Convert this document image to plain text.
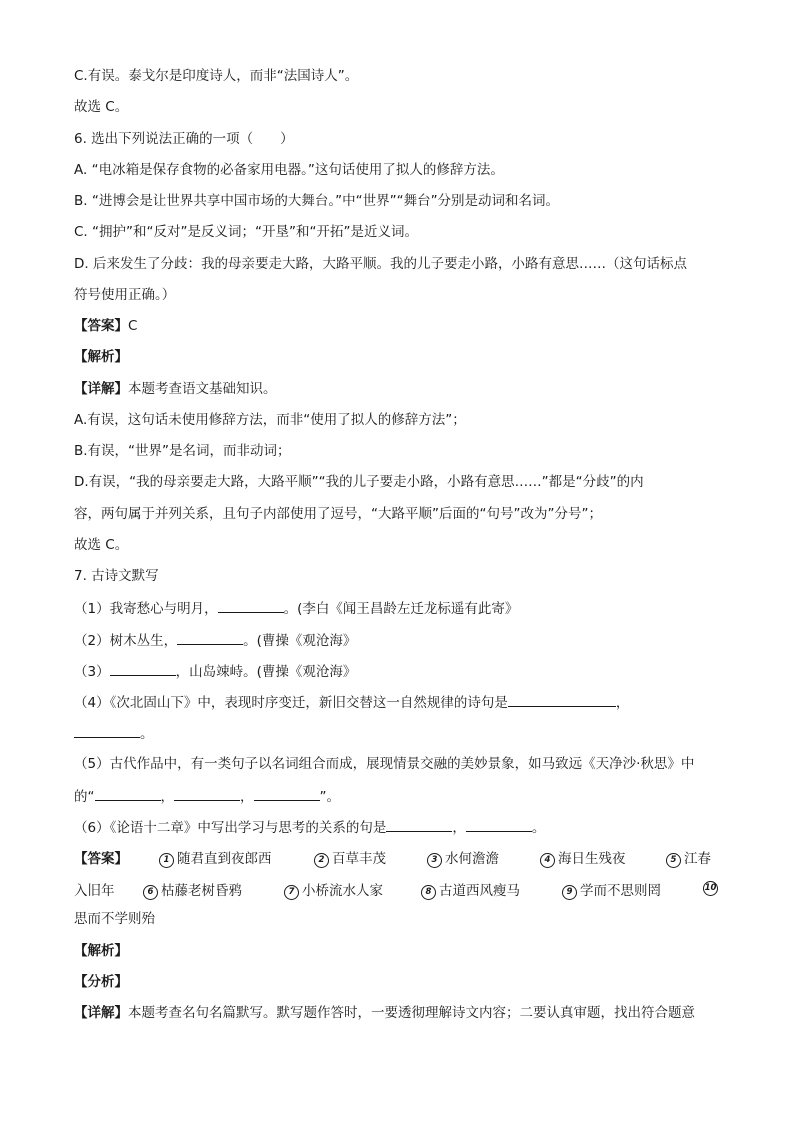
C.有误。泰戈尔是印度诗人，而非“法国诗人”。
故选 C。
6. 选出下列说法正确的一项（　　）
A. “电冰箱是保存食物的必备家用电器。”这句话使用了拟人的修辞方法。
B. “进博会是让世界共享中国市场的大舞台。”中“世界”“舞台”分别是动词和名词。
C. “拥护”和“反对”是反义词；“开垦”和“开拓”是近义词。
D. 后来发生了分歧：我的母亲要走大路，大路平顺。我的儿子要走小路，小路有意思……（这句话标点
符号使用正确。）
【答案】C
【解析】
【详解】本题考查语文基础知识。
A.有误，这句话未使用修辞方法，而非“使用了拟人的修辞方法”；
B.有误，“世界”是名词，而非动词；
D.有误，“我的母亲要走大路，大路平顺”“我的儿子要走小路，小路有意思……”都是“分歧”的内
容，两句属于并列关系，且句子内部使用了逗号，“大路平顺”后面的“句号”改为”分号”；
故选 C。
7. 古诗文默写
（1）我寄愁心与明月，	。(李白《闻王昌龄左迁龙标遥有此寄》
（2）树木丛生，	。(曹操《观沧海》
（3）	，山岛竦峙。(曹操《观沧海》
（4）《次北固山下》中，表现时序变迁，新旧交替这一自然规律的诗句是	，
。
（5）古代作品中，有一类句子以名词组合而成，展现情景交融的美妙景象，如马致远《天净沙·秋思》中
的“	，	，	”。
（6）《论语十二章》中写出学习与思考的关系的句是	，	。
【答案】	1 随君直到夜郎西	2 百草丰茂	3 水何澹澹	4 海日生残夜	5 江春
入旧年	6 枯藤老树昏鸦	7 小桥流水人家	8 古道西风瘦马	9 学而不思则罔	10
思而不学则殆
【解析】
【分析】
【详解】本题考查名句名篇默写。默写题作答时，一要透彻理解诗文内容；二要认真审题，找出符合题意
